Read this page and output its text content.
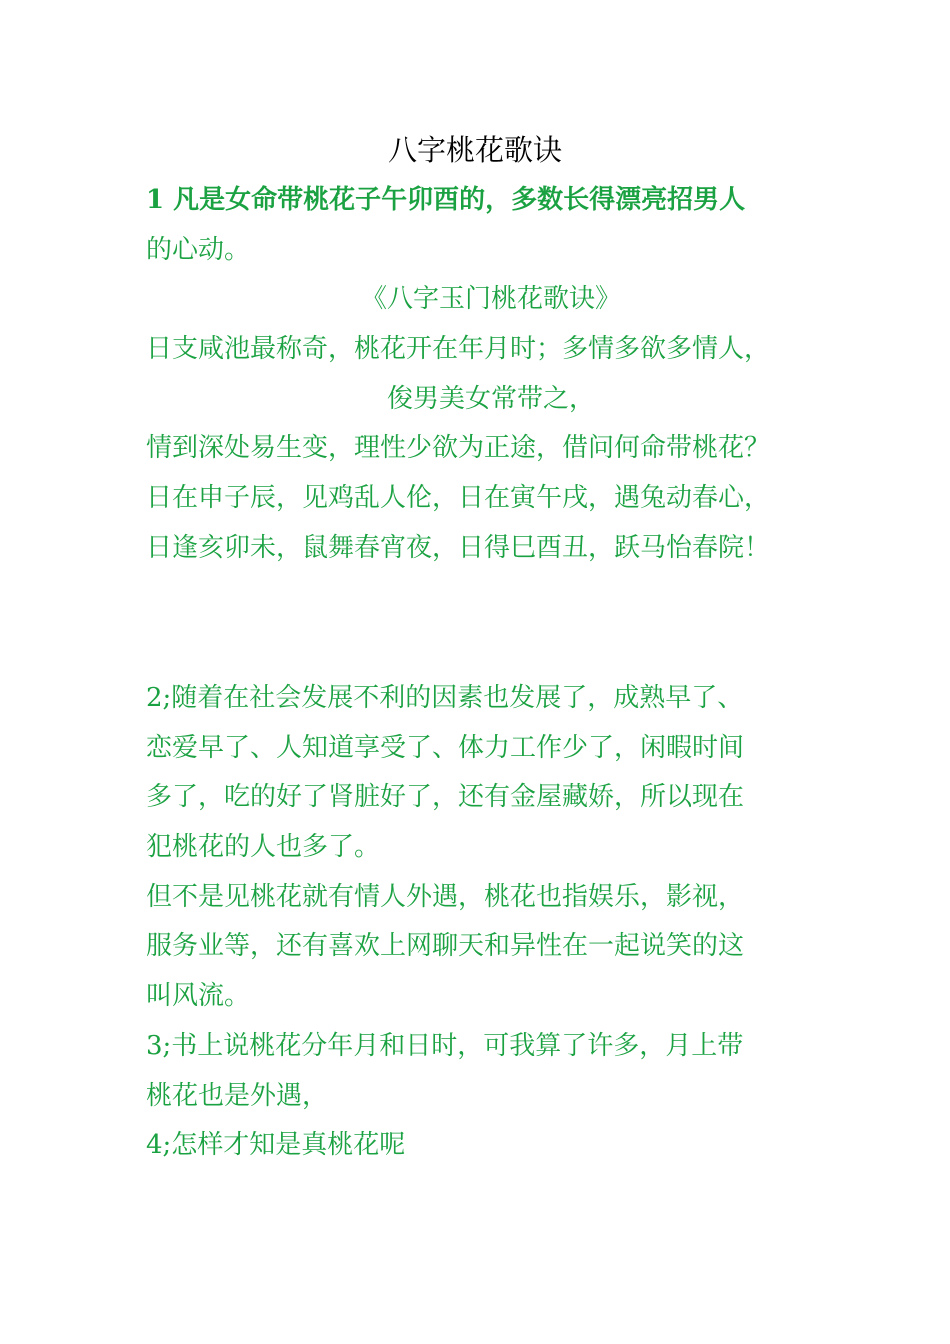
八字桃花歌诀
1 凡是女命带桃花子午卯酉的，多数长得漂亮招男人
的心动。
《八字玉门桃花歌诀》
日支咸池最称奇，桃花开在年月时；多情多欲多情人，
俊男美女常带之，
情到深处易生变，理性少欲为正途，借问何命带桃花？
日在申子辰，见鸡乱人伦，日在寅午戌，遇兔动春心，
日逢亥卯未，鼠舞春宵夜，日得巳酉丑，跃马怡春院！
2;随着在社会发展不利的因素也发展了，成熟早了、
恋爱早了、人知道享受了、体力工作少了，闲暇时间
多了，吃的好了肾脏好了，还有金屋藏娇，所以现在
犯桃花的人也多了。
但不是见桃花就有情人外遇，桃花也指娱乐，影视，
服务业等，还有喜欢上网聊天和异性在一起说笑的这
叫风流。
3;书上说桃花分年月和日时，可我算了许多，月上带
桃花也是外遇，
4;怎样才知是真桃花呢
